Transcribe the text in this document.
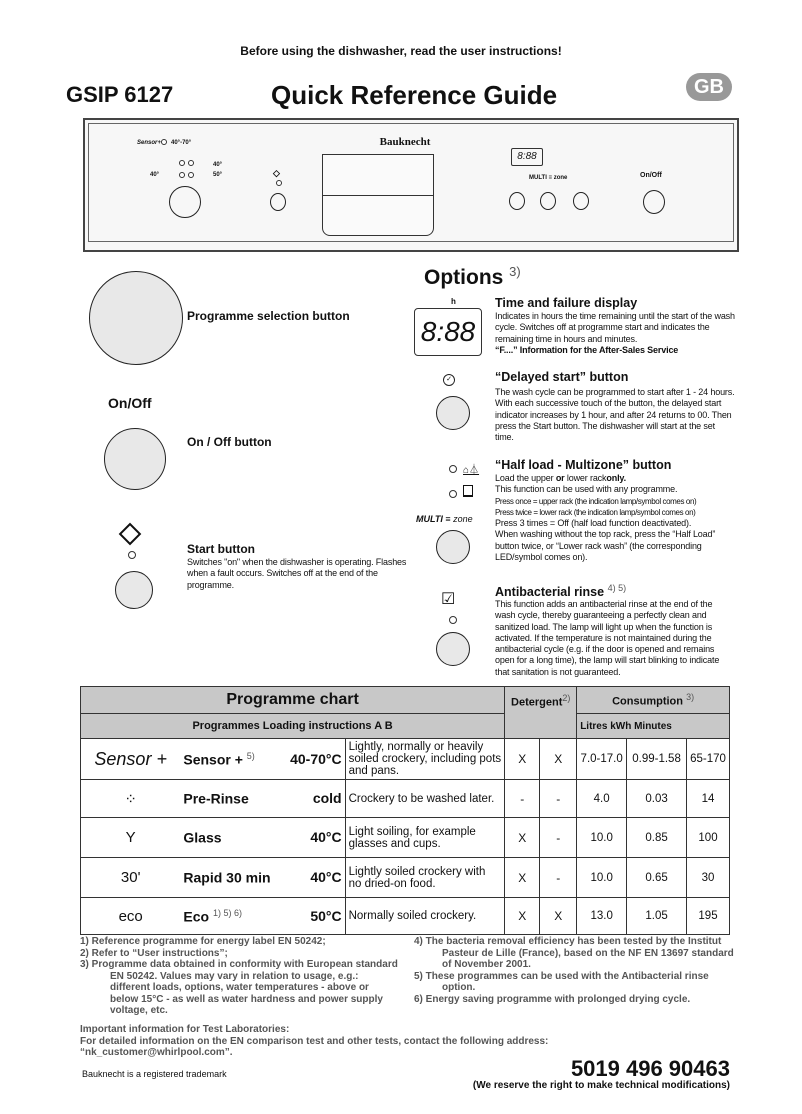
Before using the dishwasher, read the user instructions!
GSIP 6127	Quick Reference Guide	GB
Sensor+ 40°-70°
40°
40°	50°	◇
Bauknecht
8:88
MULTI ≡ zone	On/Off
Programme selection button
On/Off
On / Off button
Start button
Switches "on" when the dishwasher is operating. Flashes when a fault occurs. Switches off at the end of the programme.
Options $^{3)}$
h
8:88
Time and failure display
Indicates in hours the time remaining until the start of the wash cycle. Switches off at programme start and indicates the remaining time in hours and minutes.
“F....” Information for the After-Sales Service
✓	“Delayed start” button
The wash cycle can be programmed to start after 1 - 24 hours. With each successive touch of the button, the delayed start indicator increases by 1 hour, and after 24 returns to 00. Then press the Start button. The dishwasher will start at the set time.
⌂⏃
MULTI ≡ zone
“Half load - Multizone” button
Load the upper or lower rackonly.
This function can be used with any programme.
Press once = upper rack (the indication lamp/symbol comes on)
Press twice = lower rack (the indication lamp/symbol comes on)
Press 3 times = Off (half load function deactivated).
When washing without the top rack, press the “Half Load” button twice, or “Lower rack wash” (the corresponding LED/symbol comes on).
☑	Antibacterial rinse $^{4) 5)}$
This function adds an antibacterial rinse at the end of the wash cycle, thereby guaranteeing a perfectly clean and sanitized load. The lamp will light up when the function is activated. If the temperature is not maintained during the antibacterial cycle (e.g. if the door is opened and remains open for a long time), the lamp will start blinking to indicate that sanitation is not guaranteed.
Programme chart			Detergent$^{2)}$		Consumption $^{3)}$
Programmes Loading instructions A B					Litres kWh Minutes		
Sensor +	Sensor + $^{5)}$ 40-70°C	Lightly, normally or heavily soiled crockery, including pots and pans.	X	X	7.0-17.0	0.99-1.58	65-170
⁘	Pre-Rinse cold	Crockery to be washed later.	-	-	4.0	0.03	14
Y	Glass 40°C	Light soiling, for example glasses and cups.	X	-	10.0	0.85	100
30'	Rapid 30 min 40°C	Lightly soiled crockery with no dried-on food.	X	-	10.0	0.65	30
eco	Eco $^{1) 5) 6)}$ 50°C	Normally soiled crockery.	X	X	13.0	1.05	195
1) Reference programme for energy label EN 50242;
2) Refer to “User instructions”;
3) Programme data obtained in conformity with European standard EN 50242. Values may vary in relation to usage, e.g.: different loads, options, water temperatures - above or below 15°C - as well as water hardness and power supply voltage, etc.
4) The bacteria removal efficiency has been tested by the Institut Pasteur de Lille (France), based on the NF EN 13697 standard of November 2001.
5) These programmes can be used with the Antibacterial rinse option.
6) Energy saving programme with prolonged drying cycle.
Important information for Test Laboratories:
For detailed information on the EN comparison test and other tests, contact the following address:
“nk_customer@whirlpool.com”.
Bauknecht is a registered trademark	5019 496 90463
(We reserve the right to make technical modifications)
